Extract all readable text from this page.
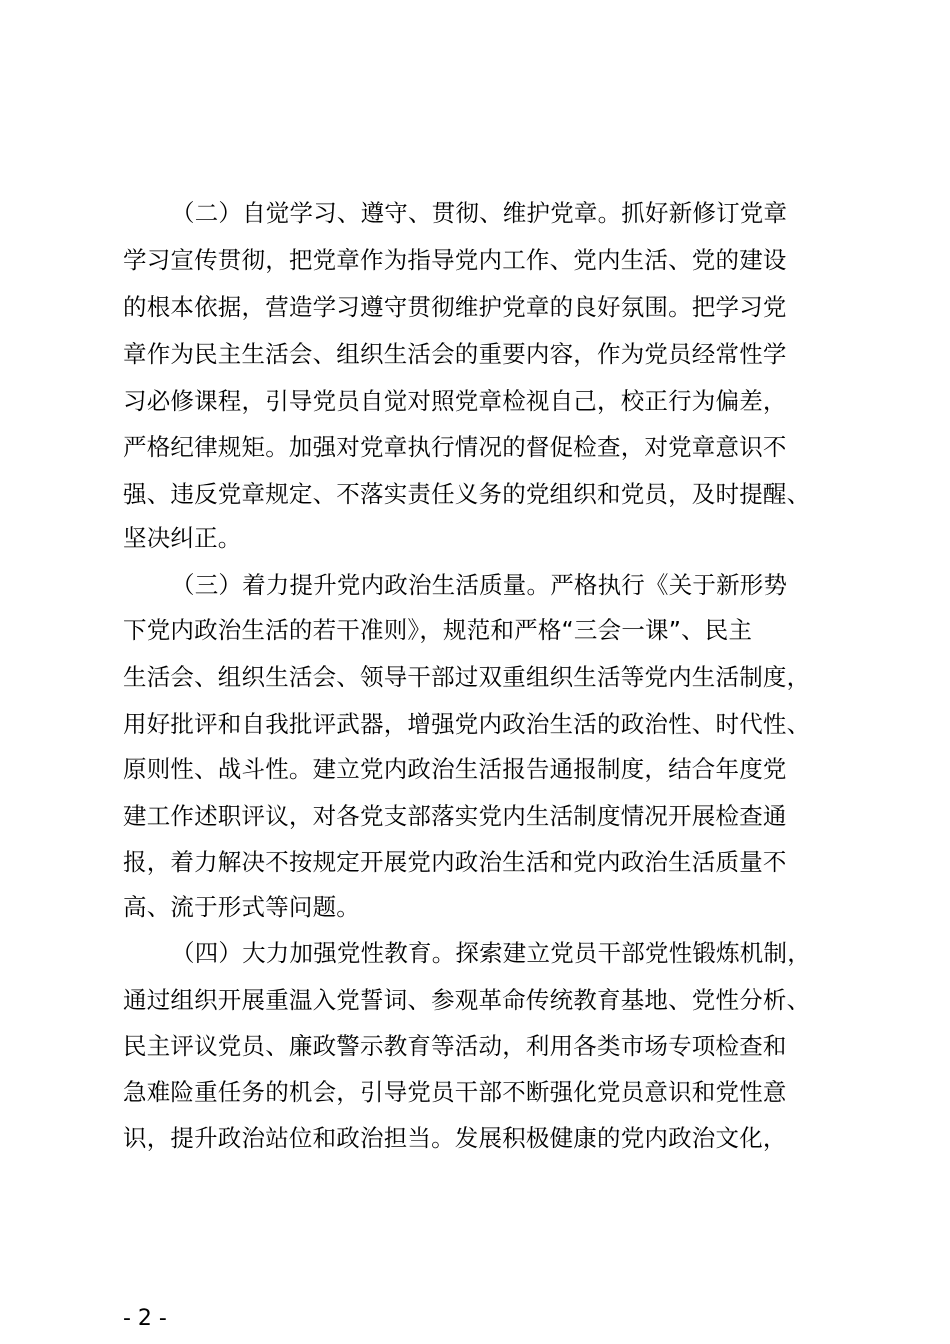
（二）自觉学习、遵守、贯彻、维护党章。抓好新修订党章
学习宣传贯彻，把党章作为指导党内工作、党内生活、党的建设
的根本依据，营造学习遵守贯彻维护党章的良好氛围。把学习党
章作为民主生活会、组织生活会的重要内容，作为党员经常性学
习必修课程，引导党员自觉对照党章检视自己，校正行为偏差，
严格纪律规矩。加强对党章执行情况的督促检查，对党章意识不
强、违反党章规定、不落实责任义务的党组织和党员，及时提醒、
坚决纠正。
（三）着力提升党内政治生活质量。严格执行《关于新形势
下党内政治生活的若干准则》，规范和严格“三会一课”、民主
生活会、组织生活会、领导干部过双重组织生活等党内生活制度，
用好批评和自我批评武器，增强党内政治生活的政治性、时代性、
原则性、战斗性。建立党内政治生活报告通报制度，结合年度党
建工作述职评议，对各党支部落实党内生活制度情况开展检查通
报，着力解决不按规定开展党内政治生活和党内政治生活质量不
高、流于形式等问题。
（四）大力加强党性教育。探索建立党员干部党性锻炼机制，
通过组织开展重温入党誓词、参观革命传统教育基地、党性分析、
民主评议党员、廉政警示教育等活动，利用各类市场专项检查和
急难险重任务的机会，引导党员干部不断强化党员意识和党性意
识，提升政治站位和政治担当。发展积极健康的党内政治文化，
- 2 -
